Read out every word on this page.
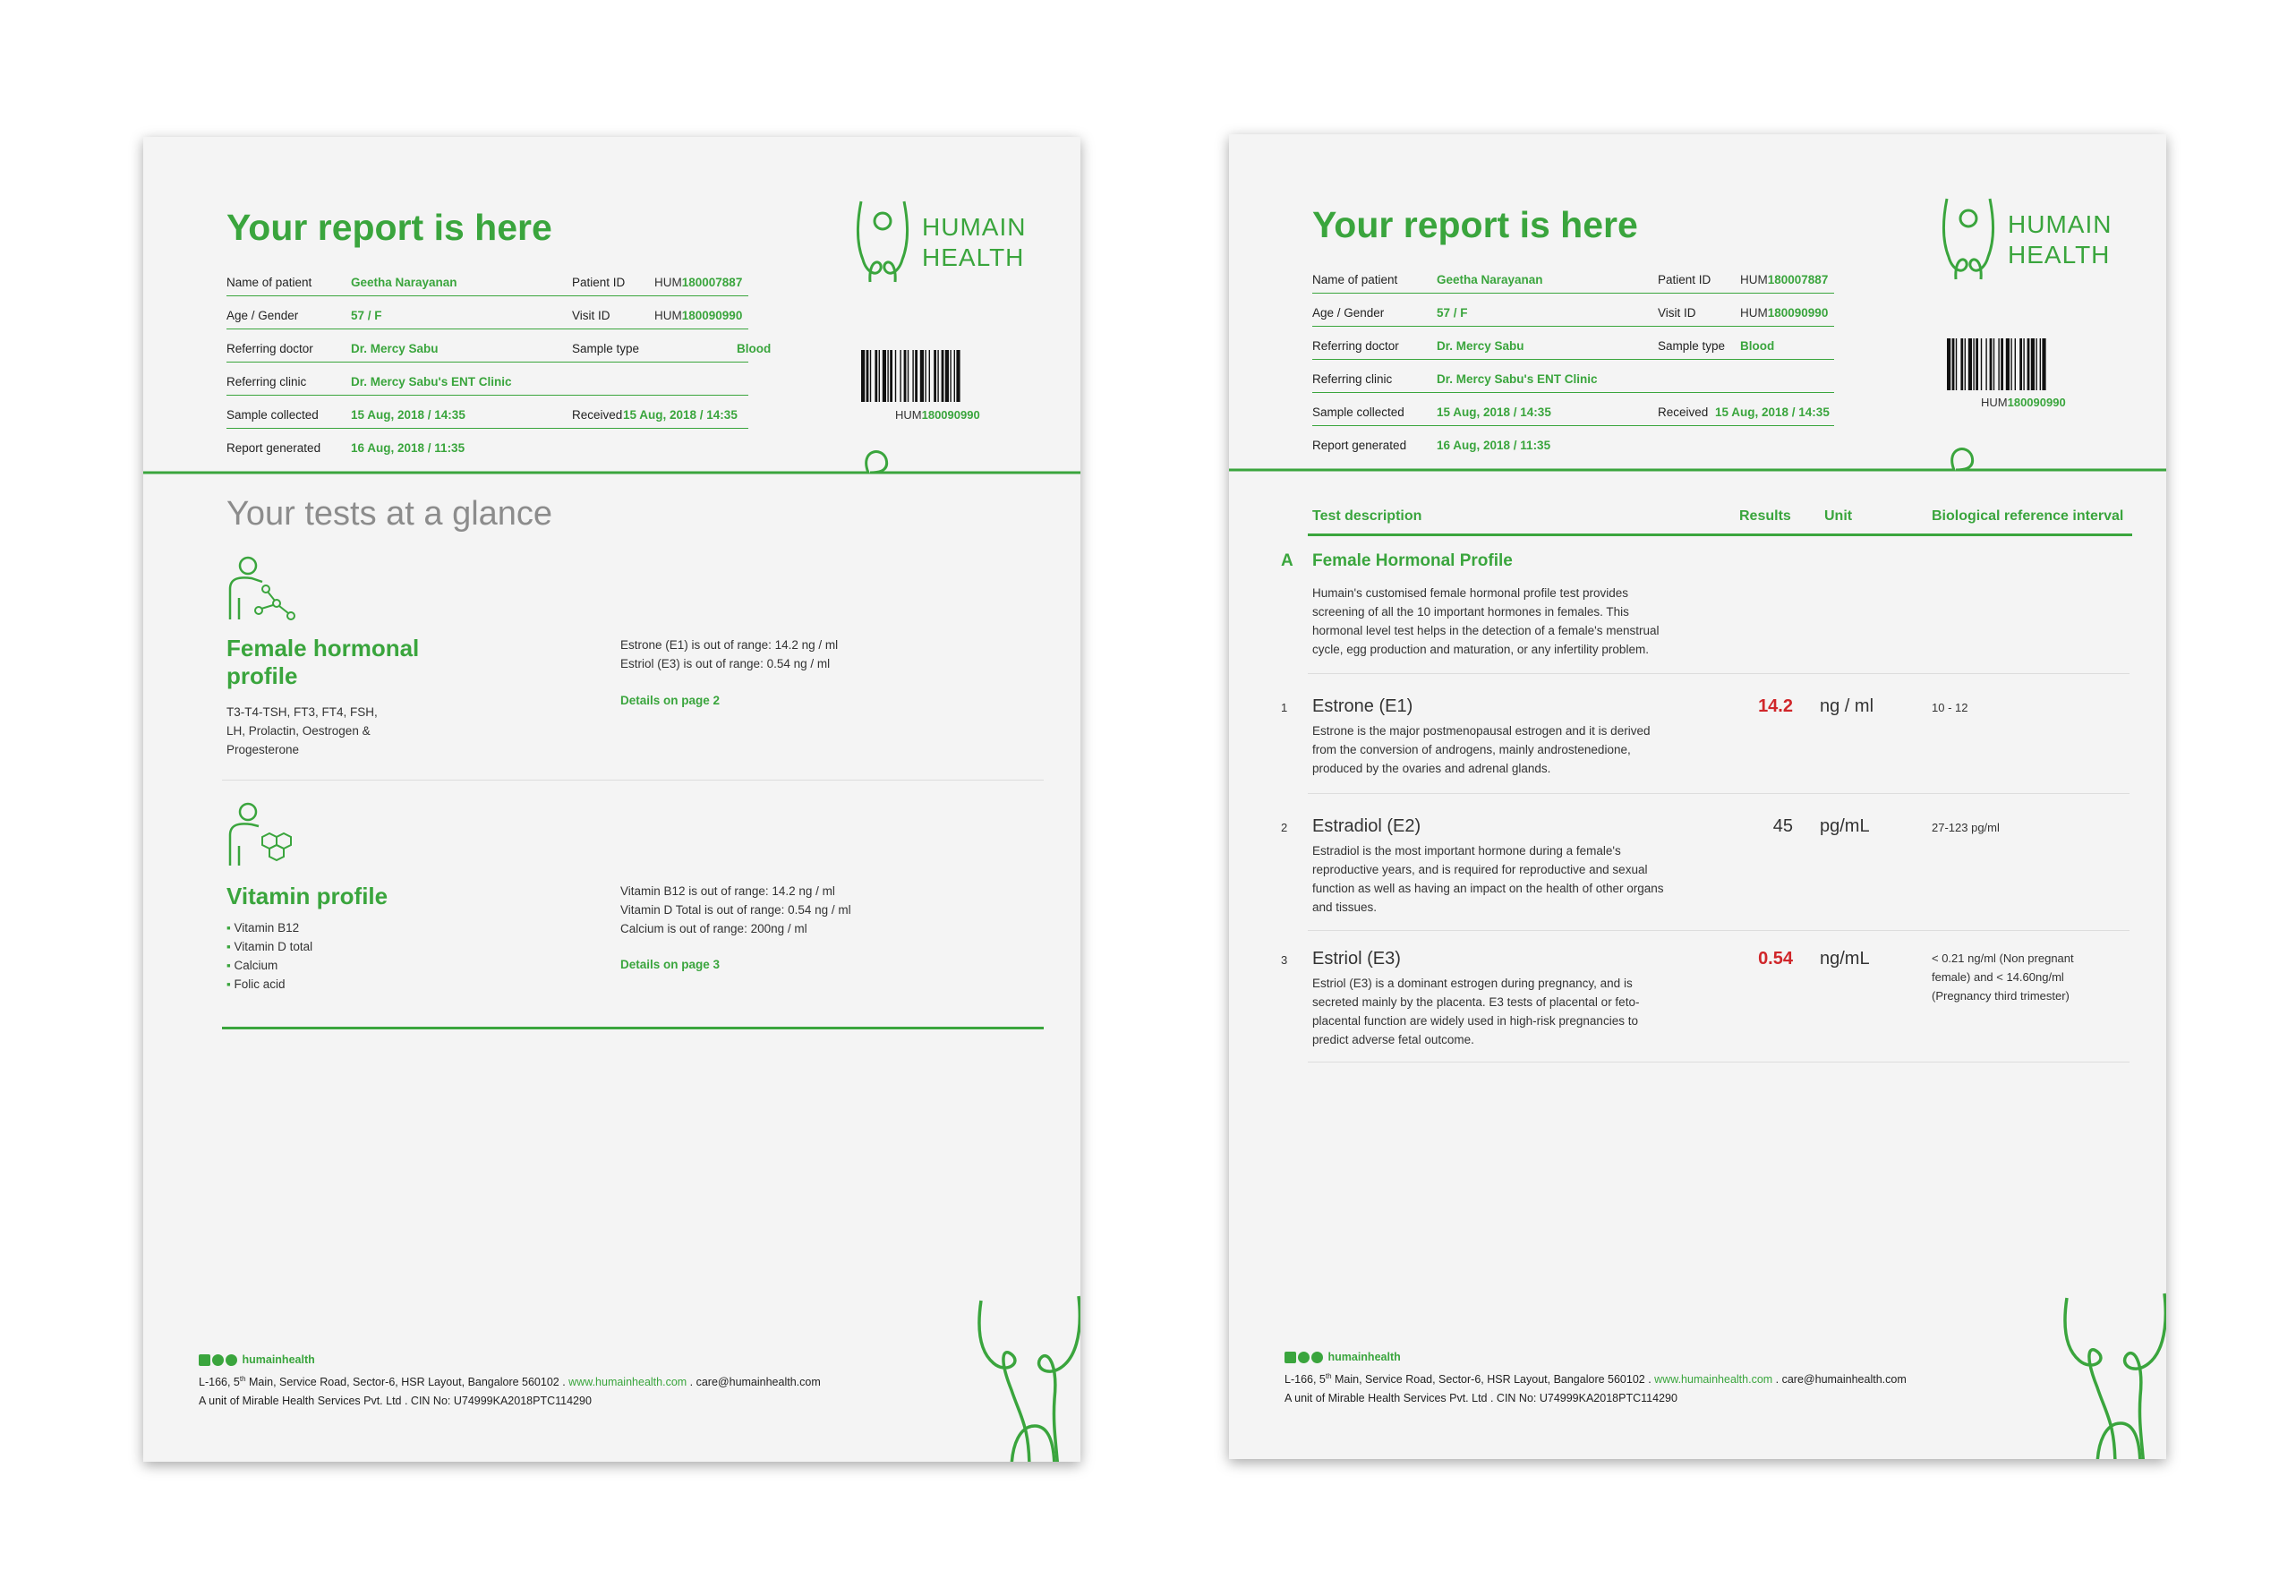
Your report is here
Name of patient	Geetha Narayanan	Patient ID HUM180007887
Age / Gender	57 / F	Visit ID	HUM180090990
Referring doctor	Dr. Mercy Sabu	Sample type	Blood
Referring clinic	Dr. Mercy Sabu's ENT Clinic
Sample collected	15 Aug, 2018 / 14:35	Received 15 Aug, 2018 / 14:35
Report generated	16 Aug, 2018 / 11:35
HUMAIN
HEALTH
HUM180090990
Your tests at a glance
Female hormonal
profile
T3-T4-TSH, FT3, FT4, FSH,
LH, Prolactin, Oestrogen &
Progesterone
Estrone (E1) is out of range: 14.2 ng / ml
Estriol (E3) is out of range: 0.54 ng / ml
Details on page 2
Vitamin profile
▪ Vitamin B12
▪ Vitamin D total
▪ Calcium
▪ Folic acid
Vitamin B12 is out of range: 14.2 ng / ml
Vitamin D Total is out of range: 0.54 ng / ml
Calcium is out of range: 200ng / ml
Details on page 3
humainhealth
L-166, 5th Main, Service Road, Sector-6, HSR Layout, Bangalore 560102 . www.humainhealth.com . care@humainhealth.com
A unit of Mirable Health Services Pvt. Ltd . CIN No: U74999KA2018PTC114290
Your report is here
Name of patient	Geetha Narayanan	Patient ID HUM180007887
Age / Gender	57 / F	Visit ID	HUM180090990
Referring doctor	Dr. Mercy Sabu	Sample type Blood
Referring clinic	Dr. Mercy Sabu's ENT Clinic
Sample collected	15 Aug, 2018 / 14:35	Received 15 Aug, 2018 / 14:35
Report generated	16 Aug, 2018 / 11:35
HUMAIN
HEALTH
HUM180090990
Test description	Results Unit	Biological reference interval
A Female Hormonal Profile
Humain's customised female hormonal profile test provides
screening of all the 10 important hormones in females. This
hormonal level test helps in the detection of a female's menstrual
cycle, egg production and maturation, or any infertility problem.
1 Estrone (E1)	14.2 ng / ml	10 - 12
Estrone is the major postmenopausal estrogen and it is derived
from the conversion of androgens, mainly androstenedione,
produced by the ovaries and adrenal glands.
2 Estradiol (E2)	45 pg/mL	27-123 pg/ml
Estradiol is the most important hormone during a female's
reproductive years, and is required for reproductive and sexual
function as well as having an impact on the health of other organs
and tissues.
3 Estriol (E3)	0.54 ng/mL	< 0.21 ng/ml (Non pregnant
female) and < 14.60ng/ml
(Pregnancy third trimester)
Estriol (E3) is a dominant estrogen during pregnancy, and is
secreted mainly by the placenta. E3 tests of placental or feto-
placental function are widely used in high-risk pregnancies to
predict adverse fetal outcome.
humainhealth
L-166, 5th Main, Service Road, Sector-6, HSR Layout, Bangalore 560102 . www.humainhealth.com . care@humainhealth.com
A unit of Mirable Health Services Pvt. Ltd . CIN No: U74999KA2018PTC114290
